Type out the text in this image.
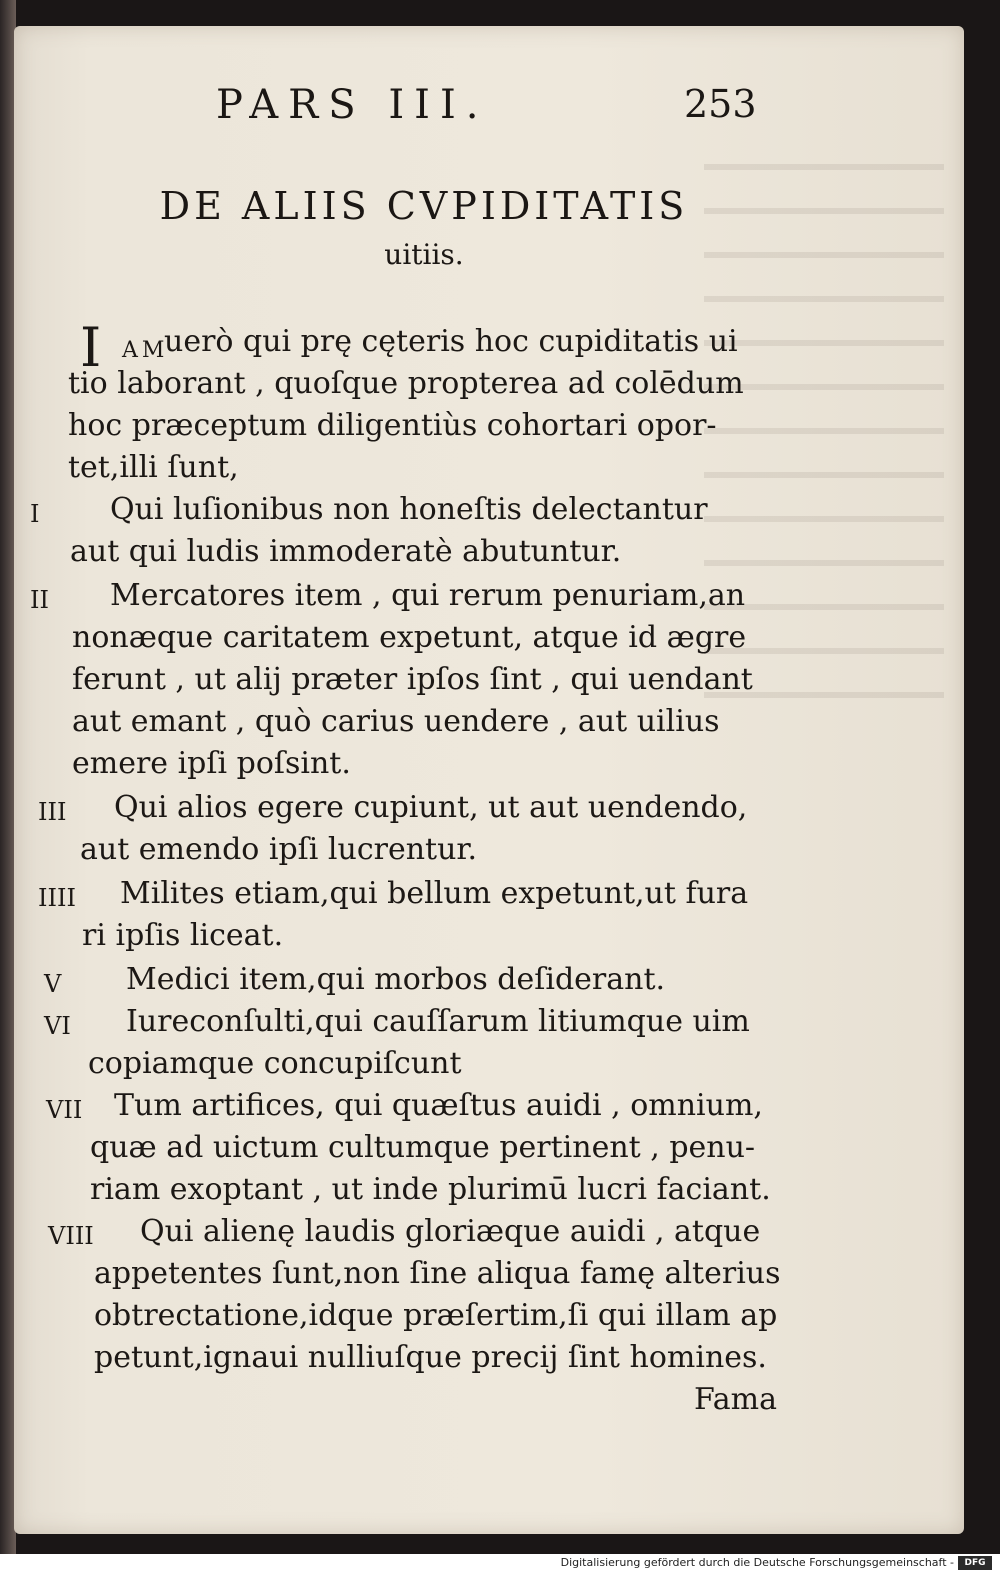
PARS III.	253
DE ALIIS CVPIDITATIS
uitiis.
I AM
uerò qui prę cęteris hoc cupiditatis ui
tio laborant , quoſque propterea ad colēdum
hoc præceptum diligentiùs cohortari opor-
tet,illi ſunt,
I Qui luſionibus non honeſtis delectantur
aut qui ludis immoderatè abutuntur.
II Mercatores item , qui rerum penuriam,an
nonæque caritatem expetunt, atque id ægre
ferunt , ut alij præter ipſos ſint , qui uendant
aut emant , quò carius uendere , aut uilius
emere ipſi poſsint.
III Qui alios egere cupiunt, ut aut uendendo,
aut emendo ipſi lucrentur.
IIII Milites etiam,qui bellum expetunt,ut fura
ri ipſis liceat.
V Medici item,qui morbos deſiderant.
VI Iureconſulti,qui cauſſarum litiumque uim
copiamque concupiſcunt
VII Tum artifices, qui quæſtus auidi , omnium,
quæ ad uictum cultumque pertinent , penu-
riam exoptant , ut inde plurimū lucri faciant.
VIII Qui alienę laudis gloriæque auidi , atque
appetentes ſunt,non ſine aliqua famę alterius
obtrectatione,idque præſertim,ſi qui illam ap
petunt,ignaui nulliuſque precij ſint homines.
Fama
Digitalisierung gefördert durch die Deutsche Forschungsgemeinschaft -	DFG
